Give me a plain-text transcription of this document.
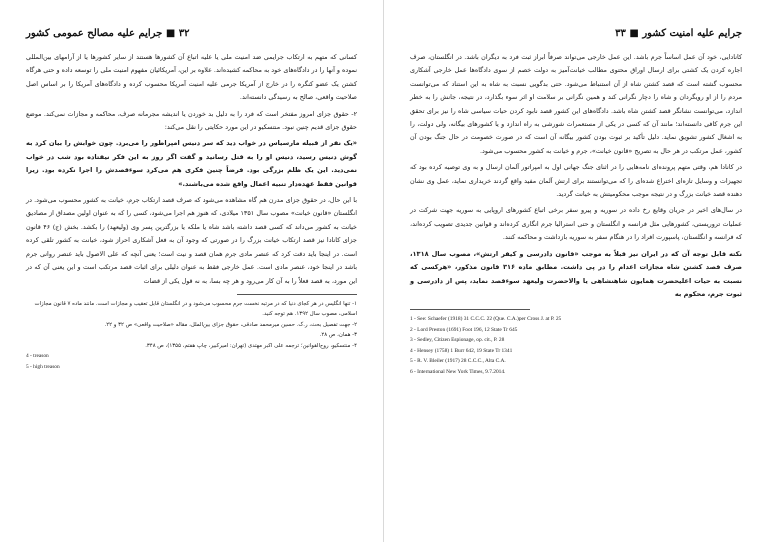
۳۲ ■ جرایم علیه مصالح عمومی کشور

کسانی که متهم به ارتکاب جرایمی ضد امنیت ملی یا علیه اتباع آن کشورها هستند از سایر کشورها یا از آرامهای بین‌المللی نموده و آنها را در دادگاه‌های خود به محاکمه کشیده‌اند. علاوه بر این، آمریکائیان مفهوم امنیت ملی را توسعه داده و حتی هرگاه کشتن یک عضو کنگره را در خارج از آمریکا جرمی علیه امنیت آمریکا محسوب کرده و دادگاه‌های آمریکا را بر اساس اصل صلاحیت واقعی، صالح به رسیدگی دانسته‌اند.

۲- حقوق جزای امروز مفتخر است که فرد را به دلیل بد خوردن یا اندیشه مجرمانه صرف، محاکمه و مجازات نمی‌کند. موضع حقوق جزای قدیم چنین نبود. منتسکیو در این مورد حکایتی را نقل می‌کند:

«یک نفر از قبیله مارسیاس در خواب دید که سر دنیس امپراطور را می‌برد. چون خوابش را بیان کرد به گوش دنیس رسید، دنیس او را به قتل رسانید و گفت اگر روز به این فکر نیفتاده بود شب در خواب نمی‌دید. این یک ظلم بزرگی بود. فرضاً چنین فکری هم می‌کرد سوءقصدش را اجرا نکرده بود. زیرا قوانین فقط عهده‌دار تنبیه اعمال واقع شده می‌باشند.»

با این حال، در حقوق جزای مدرن هم گاه مشاهده می‌شود که صرف قصد ارتکاب جرم، خیانت به کشور محسوب می‌شود. در انگلستان «قانون خیانت» مصوب سال ۱۳۵۱ میلادی، که هنوز هم اجرا می‌شود، کسی را که به عنوان اولین مصداق از مصادیق خیانت به کشور می‌داند که کسی قصد داشته باشد شاه یا ملکه یا بزرگترین پسر وی (ولیعهد) را بکشد. بخش (ج) ۴۶ قانون جزای کانادا نیز قصد ارتکاب خیانت بزرگ را در صورتی که وجود آن به فعل آشکاری احراز شود، خیانت به کشور تلقی کرده است. در اینجا باید دقت کرد که عنصر مادی جرم همان قصد و نیت است؛ یعنی آنچه که علی الاصول باید عنصر روانی جرم باشد در اینجا خود، عنصر مادی است. عمل خارجی فقط به عنوان دلیلی برای اثبات قصد مرتکب است و این یعنی آن که در این مورد، به قصد فعلاً را به آن کار می‌رود و هر چه بسا، به نه قول یکی از قضات

۱- تنها انگلیس در هر کجای دنیا که در مرتبه نخست جرم محسوب می‌شود و در انگلستان قابل تعقیب و مجازات است. مانند ماده ۷ قانون مجازات اسلامی، مصوب سال ۱۳۹۲. هم توجه کنید.

۲- جهت تفصیل بحث، ر.ک. حسین میرمحمد صادقی، حقوق جزای بین‌الملل، مقاله «صلاحیت واقعی» ص ۳۲ و ۲۲.

۳- همان، ص ۲۸.

۴- منتسکیو، روح‌القوانین؛ ترجمه علی اکبر مهتدی (تهران: امیرکبیر، چاپ هفتم، ۱۳۵۵)، ص ۳۴۸.

4 - treason

5 - high treason

جرایم علیه امنیت کشور ■ ۳۳

کانادایی، خود آن عمل اساساً جرم باشد. این عمل خارجی می‌تواند صرفاً ابراز ثبت فرد به دیگران باشد. در انگلستان، صرف اجاره کردن یک کشتی برای ارسال اوراق محتوی مطالب خیانت‌آمیز به دولت خصم از سوی دادگاه‌ها عمل خارجی آشکاری محسوب گشته است که قصد کشتن شاه از آن استنباط می‌شود. حتی بدگویی نسبت به شاه به این استناد که می‌توانست مردم را از او رویگردان و شاه را دچار نگرانی کند و همین نگرانی بر سلامت او اثر سوء بگذارد، در نتیجه، جانش را به خطر اندازد، می‌توانست نشانگر قصد کشتن شاه باشد. دادگاه‌های این کشور قصد نابود کردن حیات سیاسی شاه را نیز برای تحقق این جرم کافی دانسته‌اند؛ مانند آن که کسی در یکی از مستعمرات شورشی به راه اندازد و یا کشورهای بیگانه، ولی دولت، را به اشغال کشور تشویق نماید. دلیل تأکید بر ثبوت بودن کشور بیگانه آن است که در صورت خصومت در حال جنگ بودن آن کشور، عمل مرتکب در هر حال به تصریح «قانون خیانت»، جرم و خیانت به کشور محسوب می‌شود.

در کانادا هم، وقتی متهم پرونده‌ای نامه‌هایی را در اثنای جنگ جهانی اول به امپراتور آلمان ارسال و به وی توصیه کرده بود که تجهیزات و وسایل تازه‌ای اختراع شده‌ای را که می‌توانستند برای ارتش آلمان مفید واقع گردند خریداری نماید، عمل وی نشان دهنده قصد خیانت بزرگ و در نتیجه موجب محکومیتش به خیانت گردید.

در سال‌های اخیر در جریان وقایع رخ داده در سوریه و پیرو سفر برخی اتباع کشورهای اروپایی به سوریه جهت شرکت در عملیات تروریستی، کشورهایی مثل فرانسه و انگلستان و حتی استرالیا جرم انگاری کرده‌اند و قوانین جدیدی تصویب کرده‌اند، که فرانسه و انگلستان، پاسپورت افراد را در هنگام سفر به سوریه بازداشت و محاکمه کنند.

نکته قابل توجه آن که در ایران نیز قبلاً به موجب «قانون دادرسی و کیفر ارتش»، مصوب سال ۱۳۱۸، صرف قصد کشتن شاه مجازات اعدام را در پی داشت. مطابق ماده ۳۱۶ قانون مذکور، «هرکسی که نسبت به حیات اعلیحضرت همایون شاهنشاهی یا والاحضرت ولیعهد سوءقصد نماید، پس از دادرسی و ثبوت جرم، محکوم به

1 - See: Schaefer (1918) 31 C.C.C. 22 (Que. C.A.)per Cross J. at P. 25

2 - Lord Preston (1691) Foot 196, 12 State Tr 645

3 - Sedley, Citizen Espionage, op. cit., P. 28

4 - Hensey (1758) 1 Burr 642, 19 State Tr 1341

5 - R. V. Bleiler (1917) 28 C.C.C., Alta C.A.

6 - International New York Times, 9.7.2014.
